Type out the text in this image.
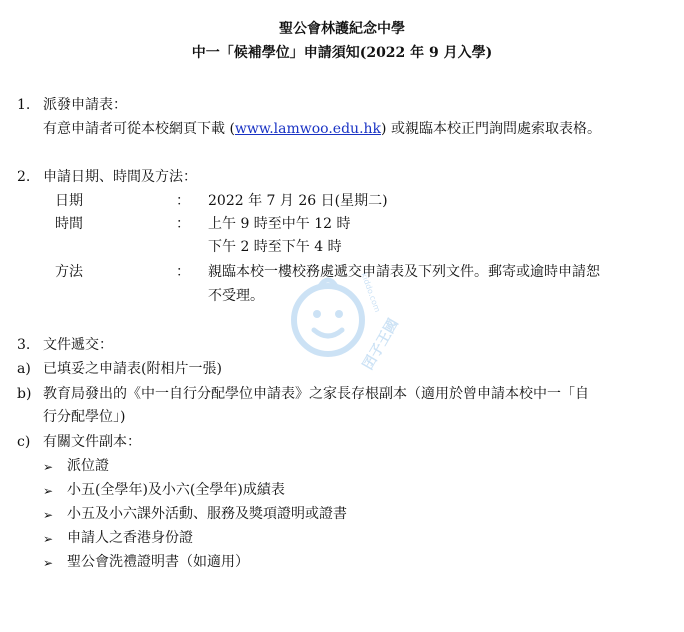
聖公會林護紀念中學
中一「候補學位」申請須知(2022 年 9 月入學)
1. 派發申請表：
有意申請者可從本校網頁下載 (www.lamwoo.edu.hk) 或親臨本校正門詢問處索取表格。
2. 申請日期、時間及方法：
日期	： 2022 年 7 月 26 日(星期二)
時間	： 上午 9 時至中午 12 時
下午 2 時至下午 4 時
方法	： 親臨本校一樓校務處遞交申請表及下列文件。郵寄或逾時申請恕
不受理。
囝子王國
kiddo.com
3. 文件遞交：
a) 已填妥之申請表(附相片一張)
b) 教育局發出的《中一自行分配學位申請表》之家長存根副本（適用於曾申請本校中一「自
行分配學位」)
c) 有關文件副本：
➢ 派位證
➢ 小五(全學年)及小六(全學年)成績表
➢ 小五及小六課外活動、服務及獎項證明或證書
➢ 申請人之香港身份證
➢ 聖公會洗禮證明書（如適用）
